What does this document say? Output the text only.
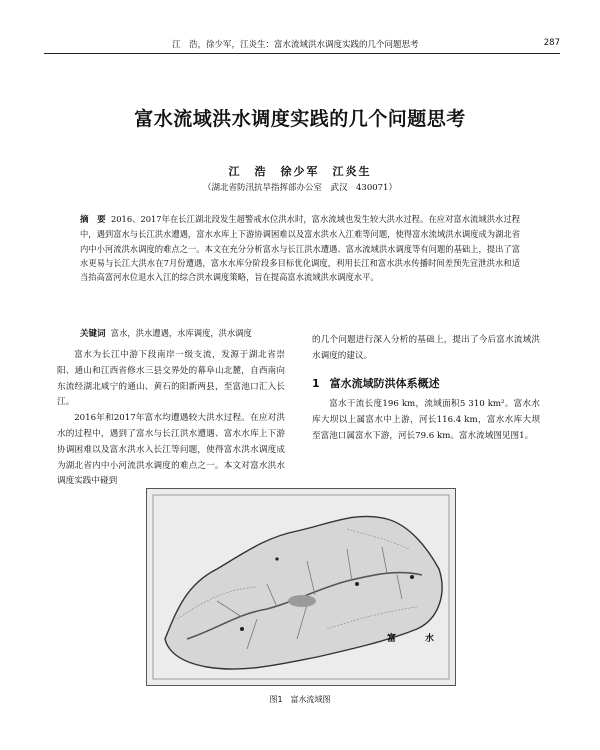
江　浩，徐少军，江炎生：富水流域洪水调度实践的几个问题思考	287
富水流域洪水调度实践的几个问题思考
江　浩　徐少军　江炎生
（湖北省防汛抗旱指挥部办公室　武汉　430071）
摘　要 2016、2017年在长江湖北段发生超警戒水位洪水时，富水流域也发生较大洪水过程。在应对富水流域洪水过程中，遇到富水与长江洪水遭遇，富水水库上下游协调困难以及富水洪水入江难等问题，使得富水流域洪水调度成为湖北省内中小河流洪水调度的难点之一。本文在充分分析富水与长江洪水遭遇、富水流域洪水调度等有问题的基础上，提出了富水更易与长江大洪水在7月份遭遇，富水水库分阶段多目标优化调度，利用长江和富水洪水传播时间差预先宣泄洪水和适当抬高富河水位退水入江的综合洪水调度策略，旨在提高富水流域洪水调度水平。
关键词 富水，洪水遭遇，水库调度，洪水调度

富水为长江中游下段南岸一级支流，发源于湖北省崇阳、通山和江西省修水三县交界处的幕阜山北麓，自西南向东流经湖北咸宁的通山、黄石的阳新两县，至富池口汇入长江。

2016年和2017年富水均遭遇较大洪水过程。在应对洪水的过程中，遇到了富水与长江洪水遭遇、富水水库上下游协调困难以及富水洪水入长江等问题，使得富水洪水调度成为湖北省内中小河流洪水调度的难点之一。本文对富水洪水调度实践中碰到

的几个问题进行深入分析的基础上，提出了今后富水流域洪水调度的建议。

1 富水流域防洪体系概述

富水干流长度196 km，流域面积5 310 km²。富水水库大坝以上属富水中上游，河长116.4 km，富水水库大坝至富池口属富水下游，河长79.6 km。富水流域图见图1。

富　水
图1　富水流域图
